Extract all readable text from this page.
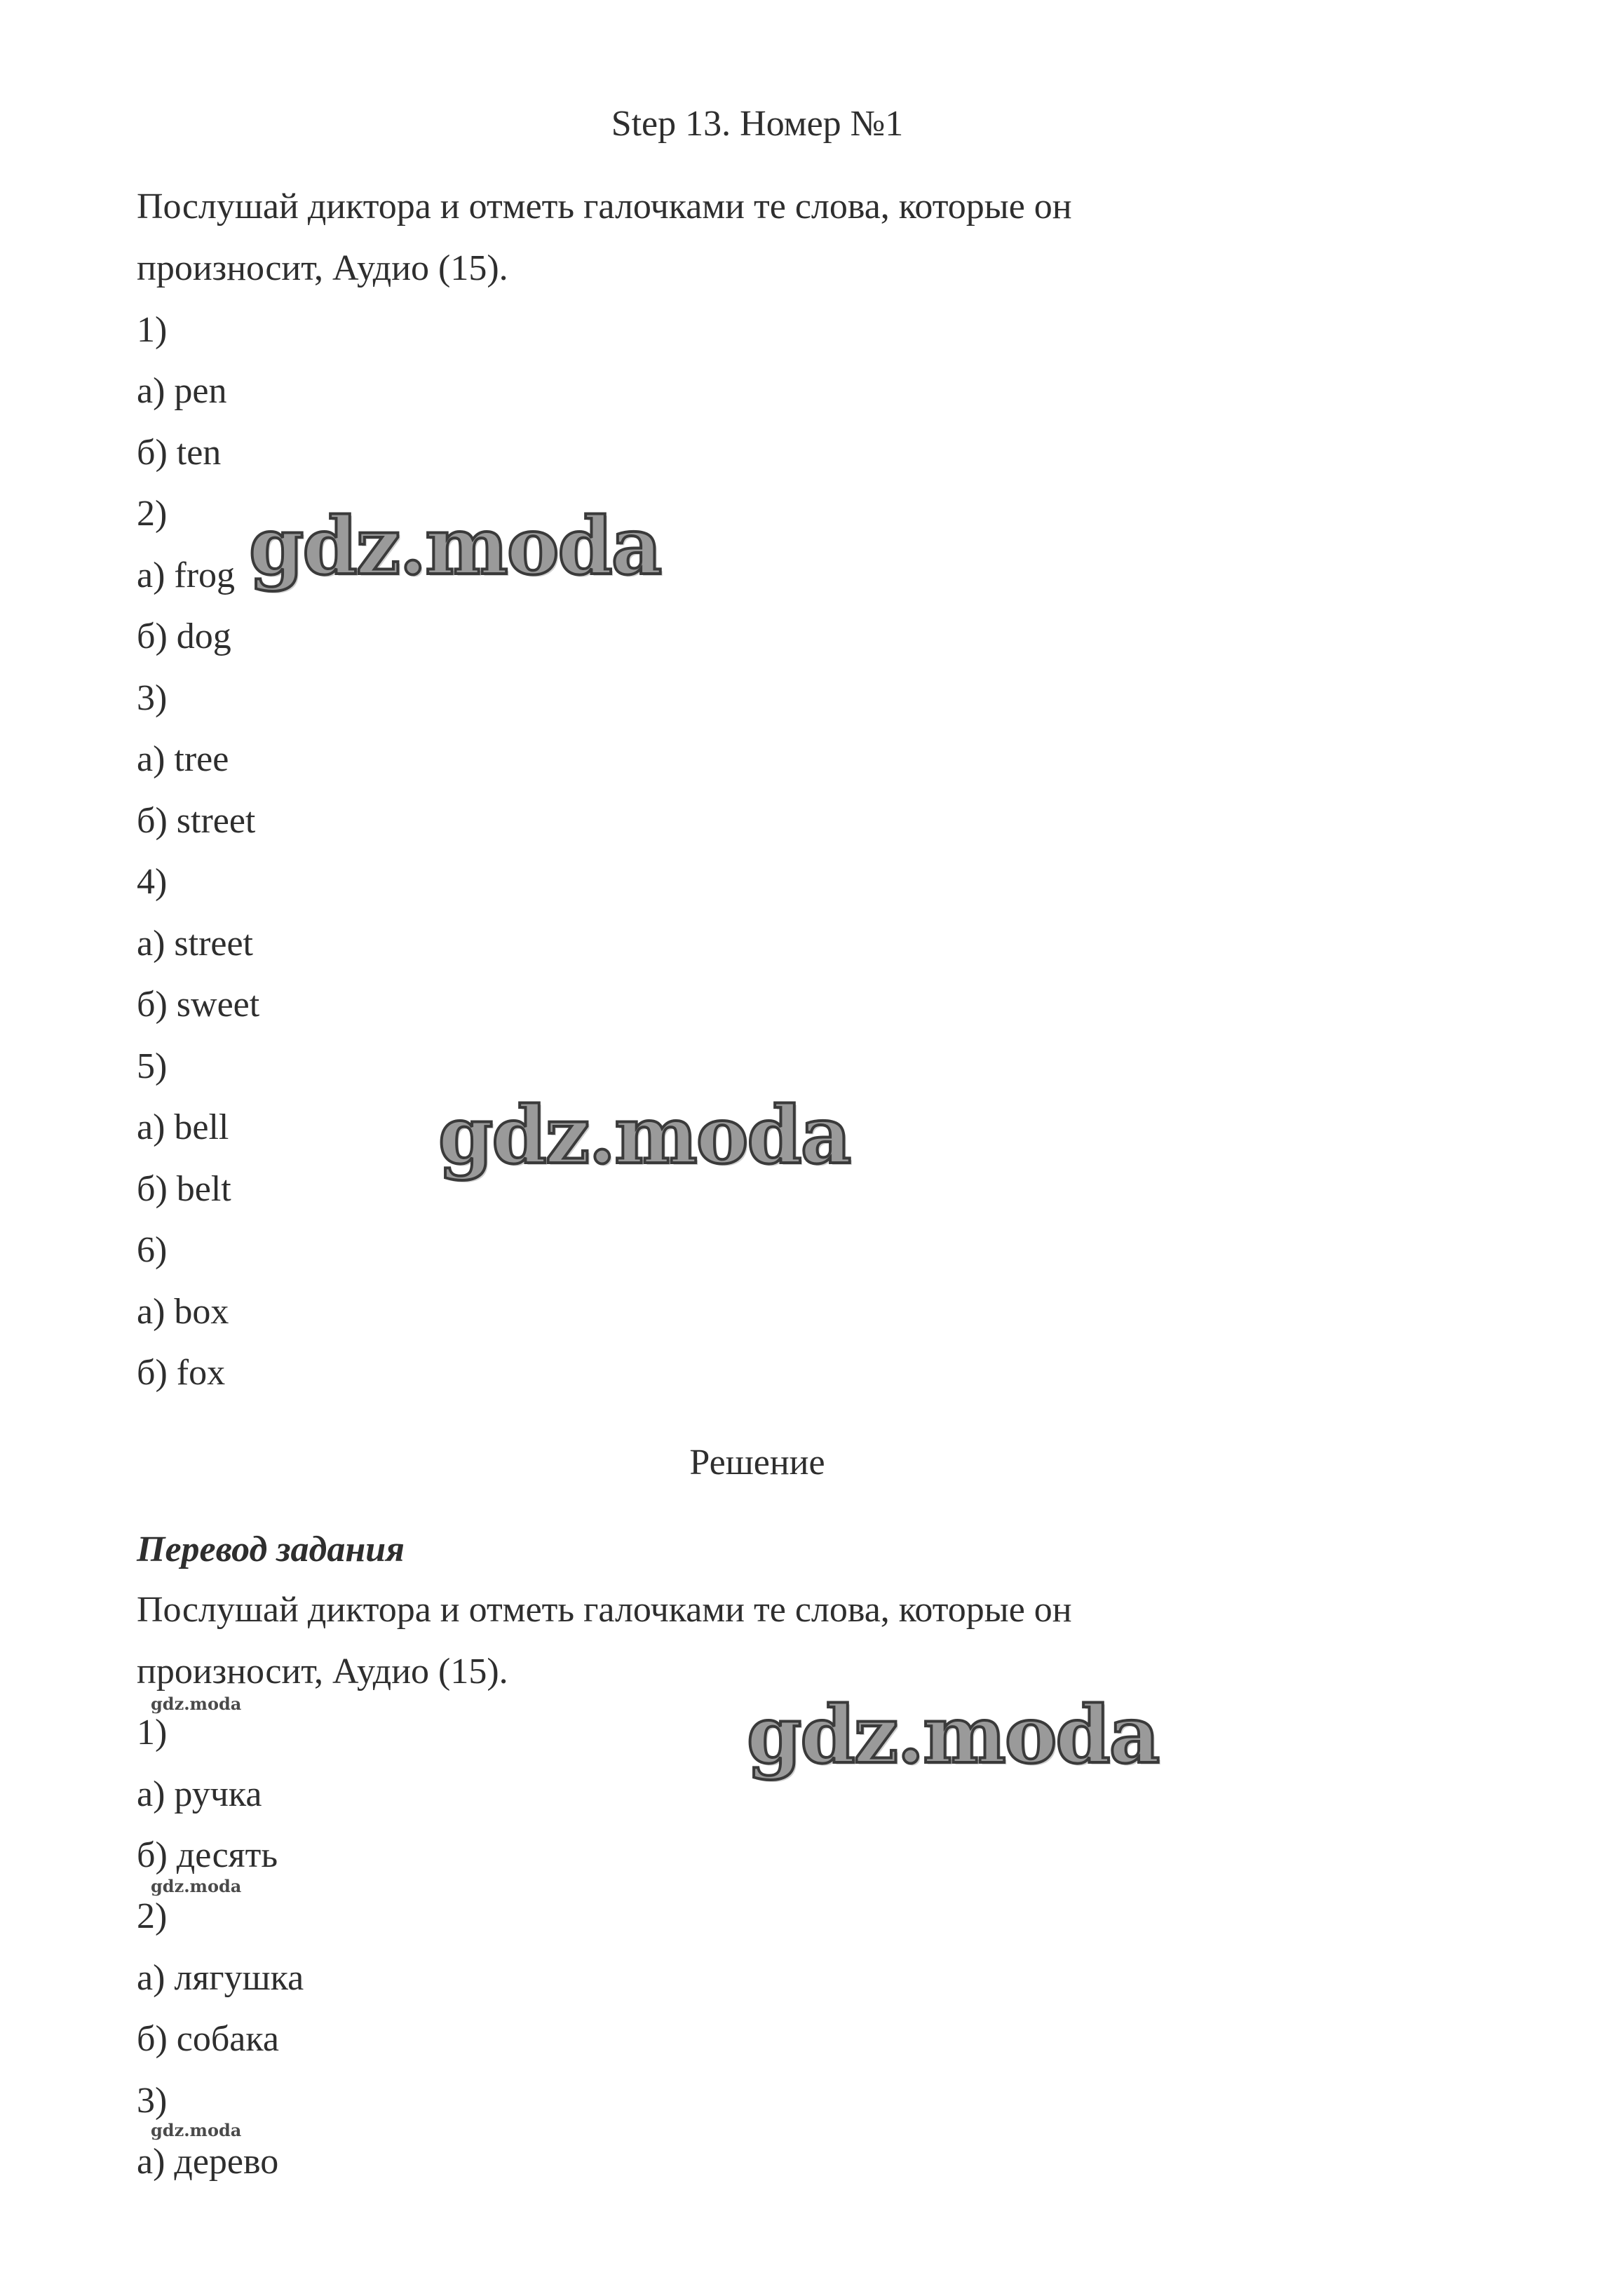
Step 13. Номер №1
Послушай диктора и отметь галочками те слова, которые он
произносит, Аудио (15).
1)
а) pen
б) ten
2)
а) frog
б) dog
3)
а) tree
б) street
4)
а) street
б) sweet
5)
а) bell
б) belt
6)
а) box
б) fox
Решение
Перевод задания
Послушай диктора и отметь галочками те слова, которые он
произносит, Аудио (15).
1)
а) ручка
б) десять
2)
а) лягушка
б) собака
3)
а) дерево
gdz.moda
gdz.moda
gdz.moda
gdz.moda
gdz.moda
gdz.moda
